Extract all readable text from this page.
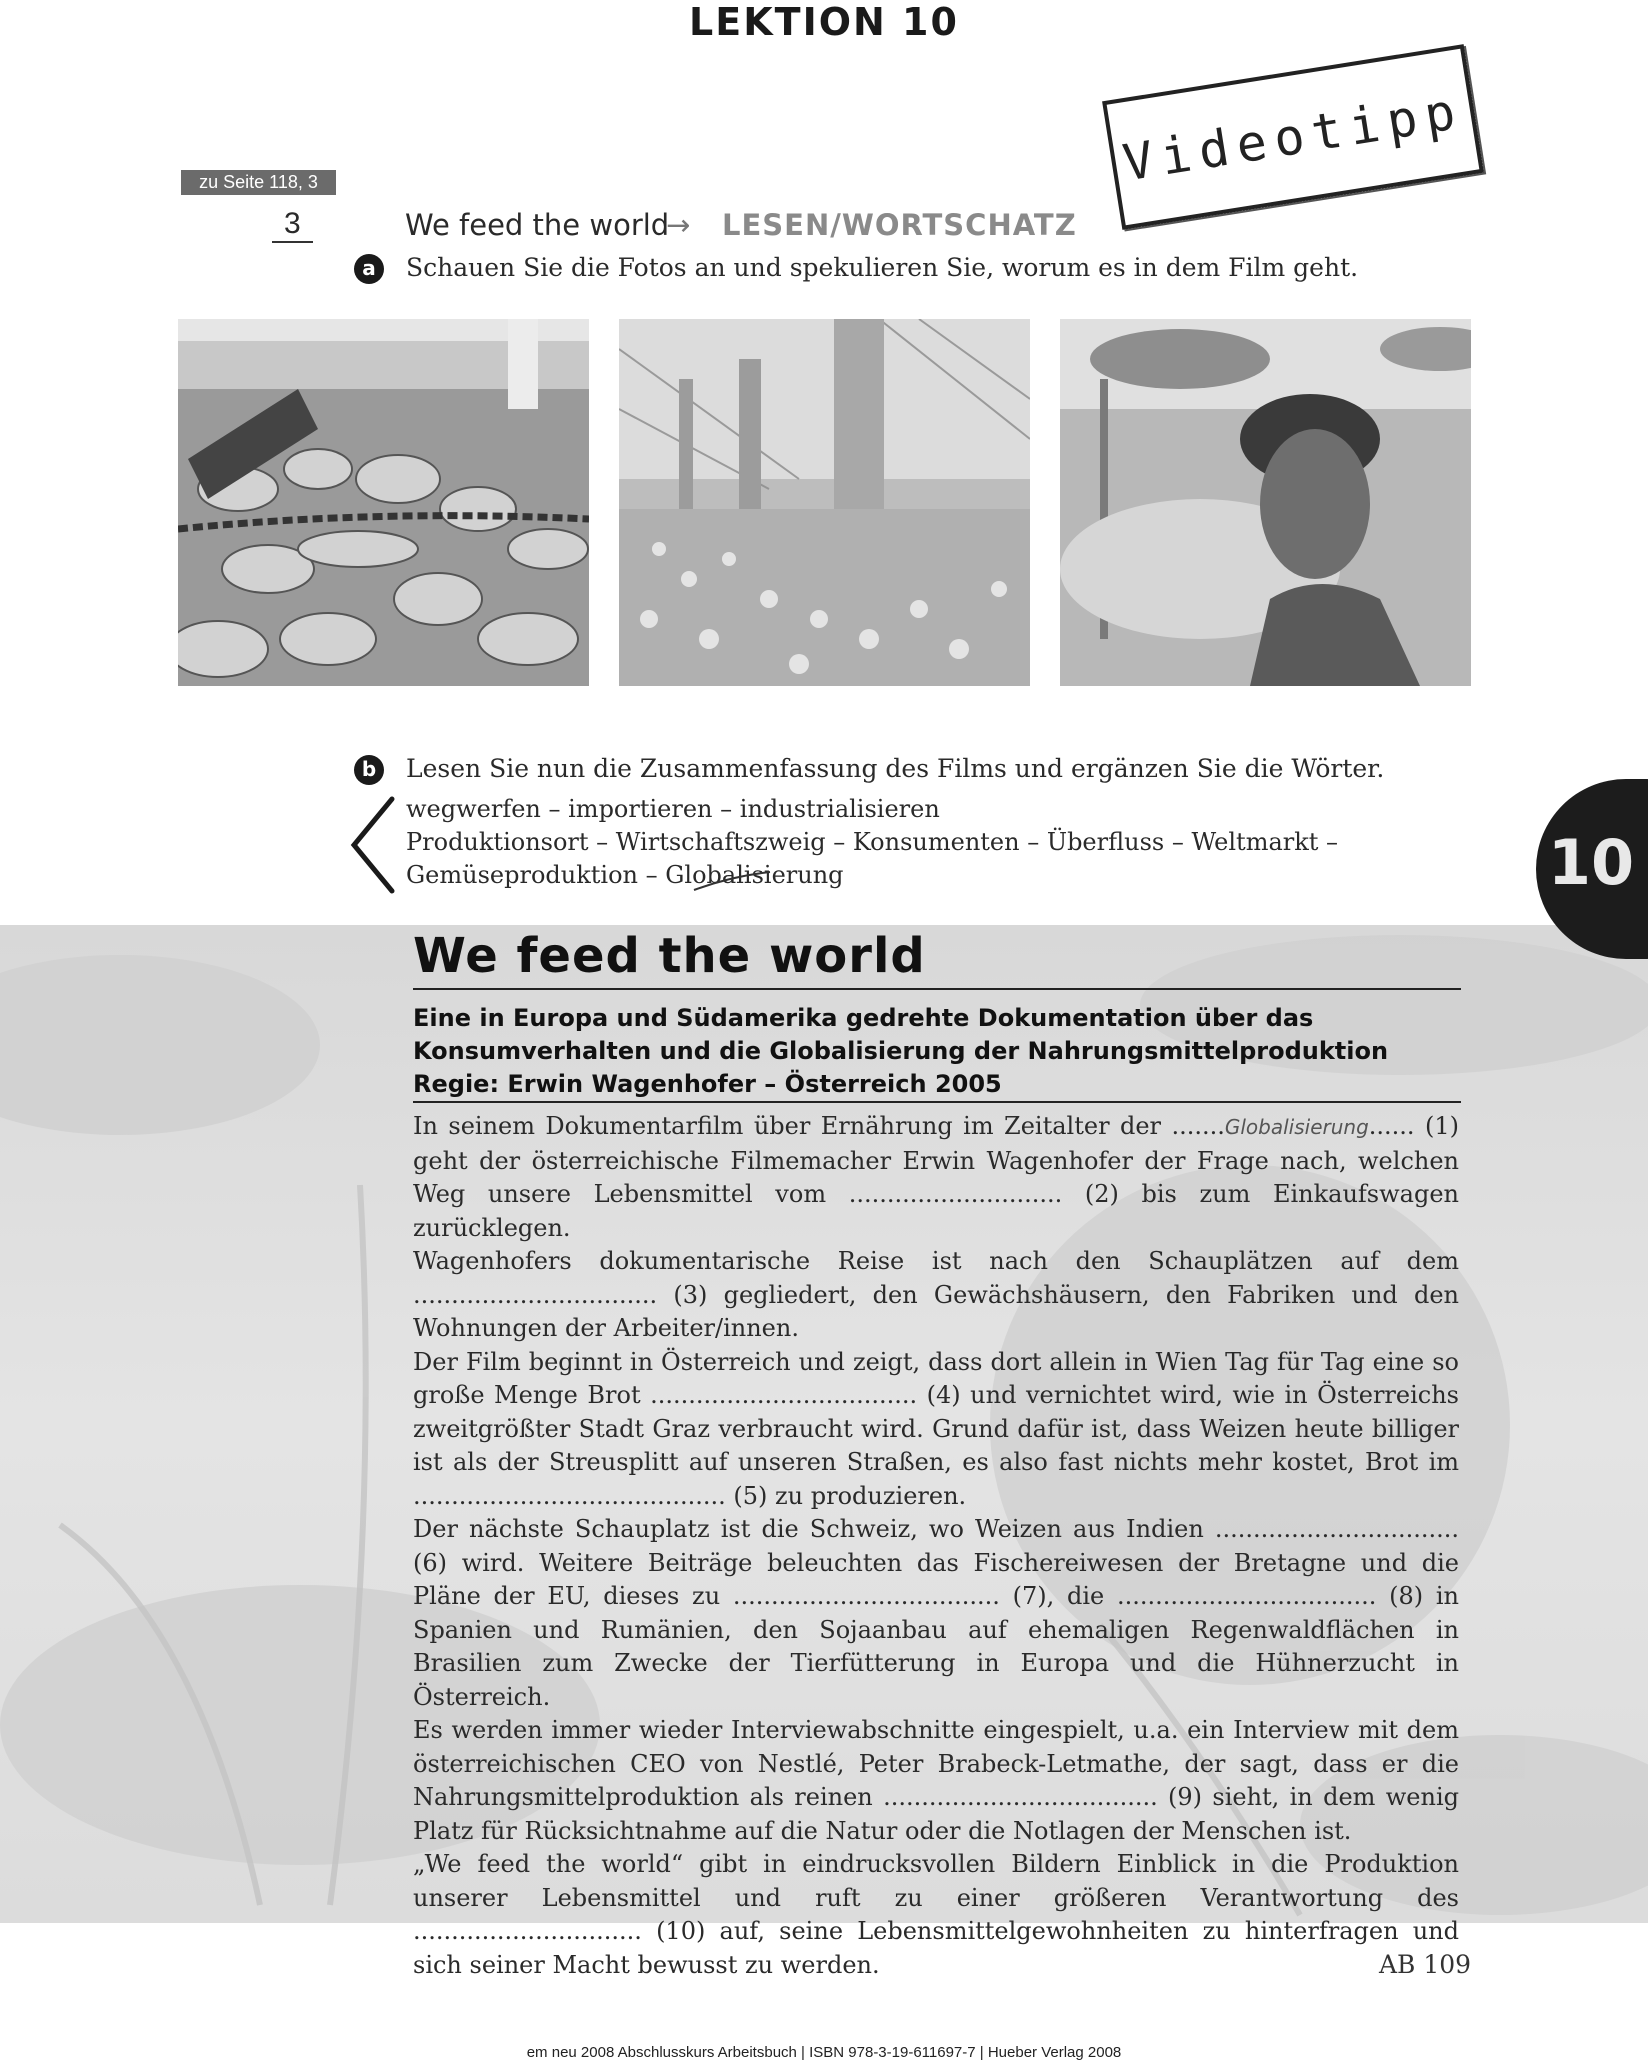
LEKTION 10
Videotipp
zu Seite 118, 3
3	We feed the world
→ LESEN/WORTSCHATZ
a	Schauen Sie die Fotos an und spekulieren Sie, worum es in dem Film geht.
b	Lesen Sie nun die Zusammenfassung des Films und ergänzen Sie die Wörter.
wegwerfen – importieren – industrialisieren
Produktionsort – Wirtschaftszweig – Konsumenten – Überfluss – Weltmarkt –
Gemüseproduktion – Globalisierung	10
We feed the world
Eine in Europa und Südamerika gedrehte Dokumentation über das
Konsumverhalten und die Globalisierung der Nahrungsmittelproduktion
Regie: Erwin Wagenhofer – Österreich 2005

In seinem Dokumentarfilm über Ernährung im Zeitalter der .......Globalisierung...... (1) geht der österreichische Filmemacher Erwin Wagenhofer der Frage nach, welchen Weg unsere Lebensmittel vom ............................ (2) bis zum Einkaufswagen zurücklegen.

Wagenhofers dokumentarische Reise ist nach den Schauplätzen auf dem ................................ (3) gegliedert, den Gewächshäusern, den Fabriken und den Wohnungen der Arbeiter/innen.

Der Film beginnt in Österreich und zeigt, dass dort allein in Wien Tag für Tag eine so große Menge Brot ................................... (4) und vernichtet wird, wie in Österreichs zweitgrößter Stadt Graz verbraucht wird. Grund dafür ist, dass Weizen heute billiger ist als der Streusplitt auf unseren Straßen, es also fast nichts mehr kostet, Brot im ......................................... (5) zu produzieren.

Der nächste Schauplatz ist die Schweiz, wo Weizen aus Indien ................................ (6) wird. Weitere Beiträge beleuchten das Fischereiwesen der Bretagne und die Pläne der EU, dieses zu ................................... (7), die .................................. (8) in Spanien und Rumänien, den Sojaanbau auf ehemaligen Regenwaldflächen in Brasilien zum Zwecke der Tierfütterung in Europa und die Hühnerzucht in Österreich.

Es werden immer wieder Interviewabschnitte eingespielt, u.a. ein Interview mit dem österreichischen CEO von Nestlé, Peter Brabeck-Letmathe, der sagt, dass er die Nahrungsmittelproduktion als reinen .................................... (9) sieht, in dem wenig Platz für Rücksichtnahme auf die Natur oder die Notlagen der Menschen ist.

„We feed the world“ gibt in eindrucksvollen Bildern Einblick in die Produktion unserer Lebensmittel und ruft zu einer größeren Verantwortung des .............................. (10) auf, seine Lebensmittelgewohnheiten zu hinterfragen und sich seiner Macht bewusst zu werden.	AB 109
em neu 2008 Abschlusskurs Arbeitsbuch | ISBN 978-3-19-611697-7 | Hueber Verlag 2008
